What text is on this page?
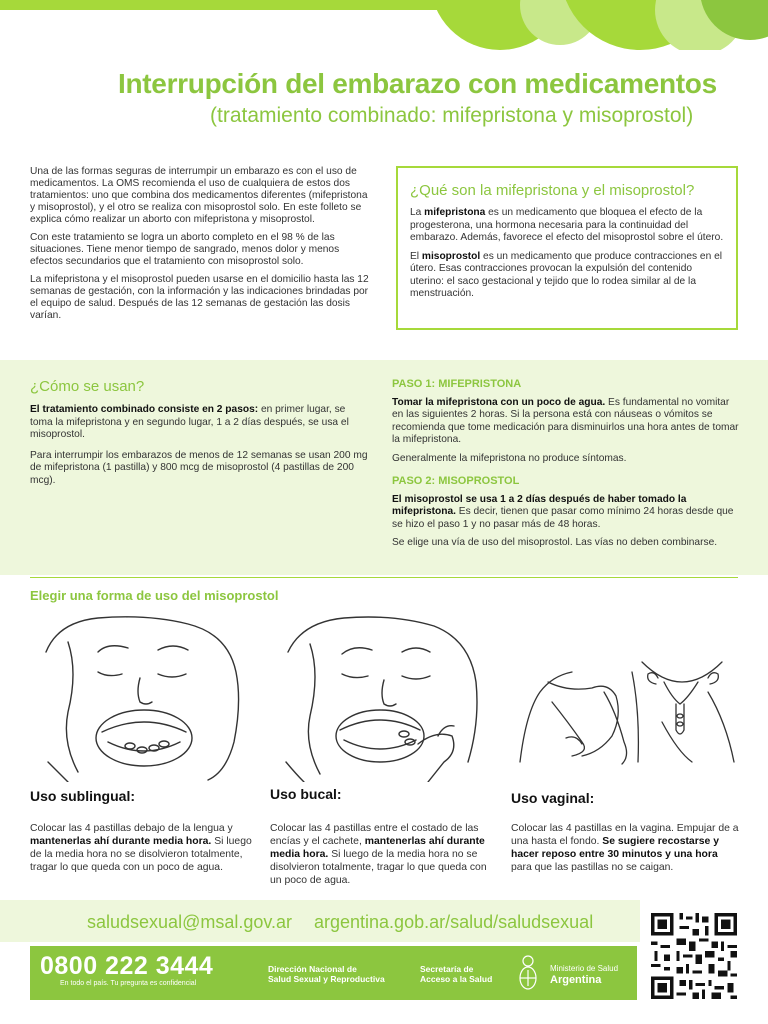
Interrupción del embarazo con medicamentos
(tratamiento combinado: mifepristona y misoprostol)

Una de las formas seguras de interrumpir un embarazo es con el uso de medicamentos. La OMS recomienda el uso de cualquiera de estos dos tratamientos: uno que combina dos medicamentos diferentes (mifepristona y misoprostol), y el otro se realiza con misoprostol solo. En este folleto se explica cómo realizar un aborto con mifepristona y misoprostol.

Con este tratamiento se logra un aborto completo en el 98 % de las situaciones. Tiene menor tiempo de sangrado, menos dolor y menos efectos secundarios que el tratamiento con misoprostol solo.

La mifepristona y el misoprostol pueden usarse en el domicilio hasta las 12 semanas de gestación, con la información y las indicaciones brindadas por el equipo de salud. Después de las 12 semanas de gestación las dosis varían.

¿Qué son la mifepristona y el misoprostol?

La mifepristona es un medicamento que bloquea el efecto de la progesterona, una hormona necesaria para la continuidad del embarazo. Además, favorece el efecto del misoprostol sobre el útero.

El misoprostol es un medicamento que produce contracciones en el útero. Esas contracciones provocan la expulsión del contenido uterino: el saco gestacional y tejido que lo rodea similar al de la menstruación.

¿Cómo se usan?

El tratamiento combinado consiste en 2 pasos: en primer lugar, se toma la mifepristona y en segundo lugar, 1 a 2 días después, se usa el misoprostol.

Para interrumpir los embarazos de menos de 12 semanas se usan 200 mg de mifepristona (1 pastilla) y 800 mcg de misoprostol (4 pastillas de 200 mcg).

PASO 1: MIFEPRISTONA

Tomar la mifepristona con un poco de agua. Es fundamental no vomitar en las siguientes 2 horas. Si la persona está con náuseas o vómitos se recomienda que tome medicación para disminuirlos una hora antes de tomar la mifepristona.

Generalmente la mifepristona no produce síntomas.

PASO 2: MISOPROSTOL

El misoprostol se usa 1 a 2 días después de haber tomado la mifepristona. Es decir, tienen que pasar como mínimo 24 horas desde que se hizo el paso 1 y no pasar más de 48 horas.

Se elige una vía de uso del misoprostol. Las vías no deben combinarse.

Elegir una forma de uso del misoprostol
Uso sublingual:
Colocar las 4 pastillas debajo de la lengua y mantenerlas ahí durante media hora. Si luego de la media hora no se disolvieron totalmente, tragar lo que queda con un poco de agua.
Uso bucal:
Colocar las 4 pastillas entre el costado de las encías y el cachete, mantenerlas ahí durante media hora. Si luego de la media hora no se disolvieron totalmente, tragar lo que queda con un poco de agua.
Uso vaginal:
Colocar las 4 pastillas en la vagina. Empujar de a una hasta el fondo. Se sugiere recostarse y hacer reposo entre 30 minutos y una hora para que las pastillas no se caigan.
saludsexual@msal.gov.ar argentina.gob.ar/salud/saludsexual
0800 222 3444
En todo el país. Tu pregunta es confidencial
Dirección Nacional de
Salud Sexual y Reproductiva
Secretaría de
Acceso a la Salud
Ministerio de Salud
Argentina
